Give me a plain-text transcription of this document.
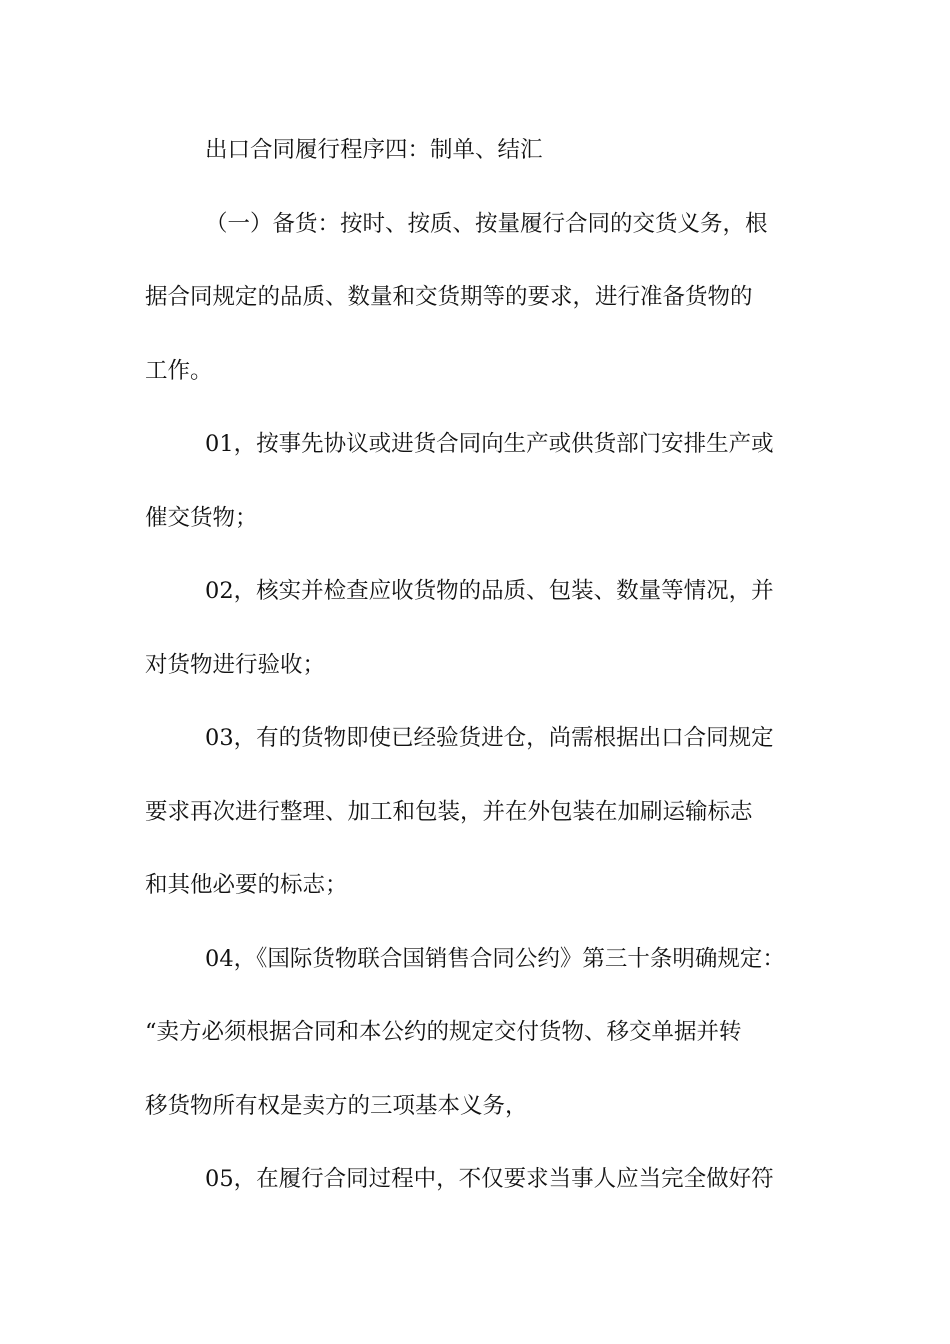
出口合同履行程序四：制单、结汇

（一）备货：按时、按质、按量履行合同的交货义务，根

据合同规定的品质、数量和交货期等的要求，进行准备货物的

工作。

01，按事先协议或进货合同向生产或供货部门安排生产或

催交货物；

02，核实并检查应收货物的品质、包装、数量等情况，并

对货物进行验收；

03，有的货物即使已经验货进仓，尚需根据出口合同规定

要求再次进行整理、加工和包装，并在外包装在加刷运输标志

和其他必要的标志；

04，《国际货物联合国销售合同公约》第三十条明确规定：

“卖方必须根据合同和本公约的规定交付货物、移交单据并转

移货物所有权是卖方的三项基本义务，

05，在履行合同过程中，不仅要求当事人应当完全做好符
